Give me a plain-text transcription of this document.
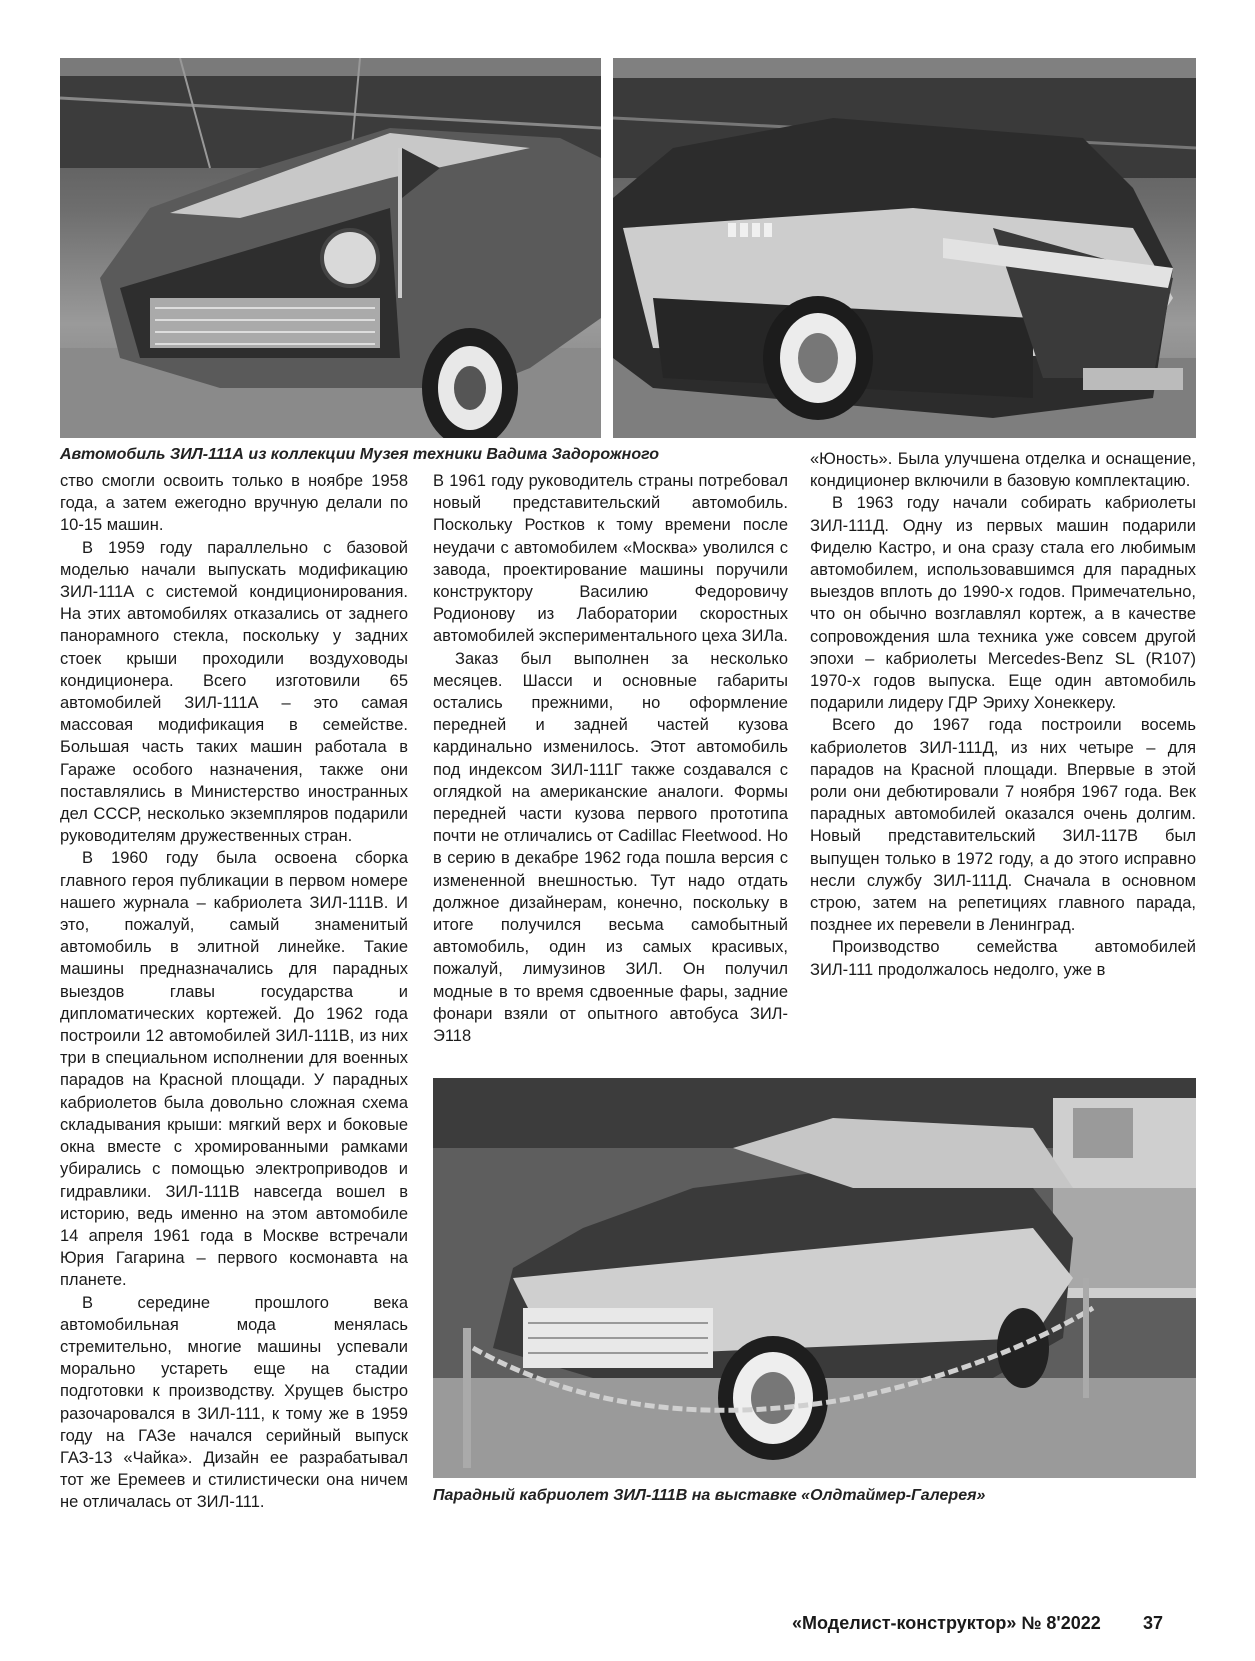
Автомобиль ЗИЛ-111А из коллекции Музея техники Вадима Задорожного

ство смогли освоить только в ноябре 1958 года, а затем ежегодно вручную делали по 10-15 машин.

В 1959 году параллельно с базовой моделью начали выпускать модификацию ЗИЛ-111А с системой кондиционирования. На этих автомобилях отказались от заднего панорамного стекла, поскольку у задних стоек крыши проходили воздуховоды кондиционера. Всего изготовили 65 автомобилей ЗИЛ-111А – это самая массовая модификация в семействе. Большая часть таких машин работала в Гараже особого назначения, также они поставлялись в Министерство иностранных дел СССР, несколько экземпляров подарили руководителям дружественных стран.

В 1960 году была освоена сборка главного героя публикации в первом номере нашего журнала – кабриолета ЗИЛ-111В. И это, пожалуй, самый знаменитый автомобиль в элитной линейке. Такие машины предназначались для парадных выездов главы государства и дипломатических кортежей. До 1962 года построили 12 автомобилей ЗИЛ-111В, из них три в специальном исполнении для военных парадов на Красной площади. У парадных кабриолетов была довольно сложная схема складывания крыши: мягкий верх и боковые окна вместе с хромированными рамками убирались с помощью электроприводов и гидравлики. ЗИЛ-111В навсегда вошел в историю, ведь именно на этом автомобиле 14 апреля 1961 года в Москве встречали Юрия Гагарина – первого космонавта на планете.

В середине прошлого века автомобильная мода менялась стремительно, многие машины успевали морально устареть еще на стадии подготовки к производству. Хрущев быстро разочаровался в ЗИЛ-111, к тому же в 1959 году на ГАЗе начался серийный выпуск ГАЗ-13 «Чайка». Дизайн ее разрабатывал тот же Еремеев и стилистически она ничем не отличалась от ЗИЛ-111.

В 1961 году руководитель страны потребовал новый представительский автомобиль. Поскольку Ростков к тому времени после неудачи с автомобилем «Москва» уволился с завода, проектирование машины поручили конструктору Василию Федоровичу Родионову из Лаборатории скоростных автомобилей экспериментального цеха ЗИЛа.

Заказ был выполнен за несколько месяцев. Шасси и основные габариты остались прежними, но оформление передней и задней частей кузова кардинально изменилось. Этот автомобиль под индексом ЗИЛ-111Г также создавался с оглядкой на американские аналоги. Формы передней части кузова первого прототипа почти не отличались от Cadillac Fleetwood. Но в серию в декабре 1962 года пошла версия с измененной внешностью. Тут надо отдать должное дизайнерам, конечно, поскольку в итоге получился весьма самобытный автомобиль, один из самых красивых, пожалуй, лимузинов ЗИЛ. Он получил модные в то время сдвоенные фары, задние фонари взяли от опытного автобуса ЗИЛ-Э118

«Юность». Была улучшена отделка и оснащение, кондиционер включили в базовую комплектацию.

В 1963 году начали собирать кабриолеты ЗИЛ-111Д. Одну из первых машин подарили Фиделю Кастро, и она сразу стала его любимым автомобилем, использовавшимся для парадных выездов вплоть до 1990-х годов. Примечательно, что он обычно возглавлял кортеж, а в качестве сопровождения шла техника уже совсем другой эпохи – кабриолеты Mercedes-Benz SL (R107) 1970-х годов выпуска. Еще один автомобиль подарили лидеру ГДР Эриху Хонеккеру.

Всего до 1967 года построили восемь кабриолетов ЗИЛ-111Д, из них четыре – для парадов на Красной площади. Впервые в этой роли они дебютировали 7 ноября 1967 года. Век парадных автомобилей оказался очень долгим. Новый представительский ЗИЛ-117В был выпущен только в 1972 году, а до этого исправно несли службу ЗИЛ-111Д. Сначала в основном строю, затем на репетициях главного парада, позднее их перевели в Ленинград.

Производство семейства автомобилей ЗИЛ-111 продолжалось недолго, уже в

Парадный кабриолет ЗИЛ-111В на выставке «Олдтаймер-Галерея»
«Моделист-конструктор» № 8'2022 37
